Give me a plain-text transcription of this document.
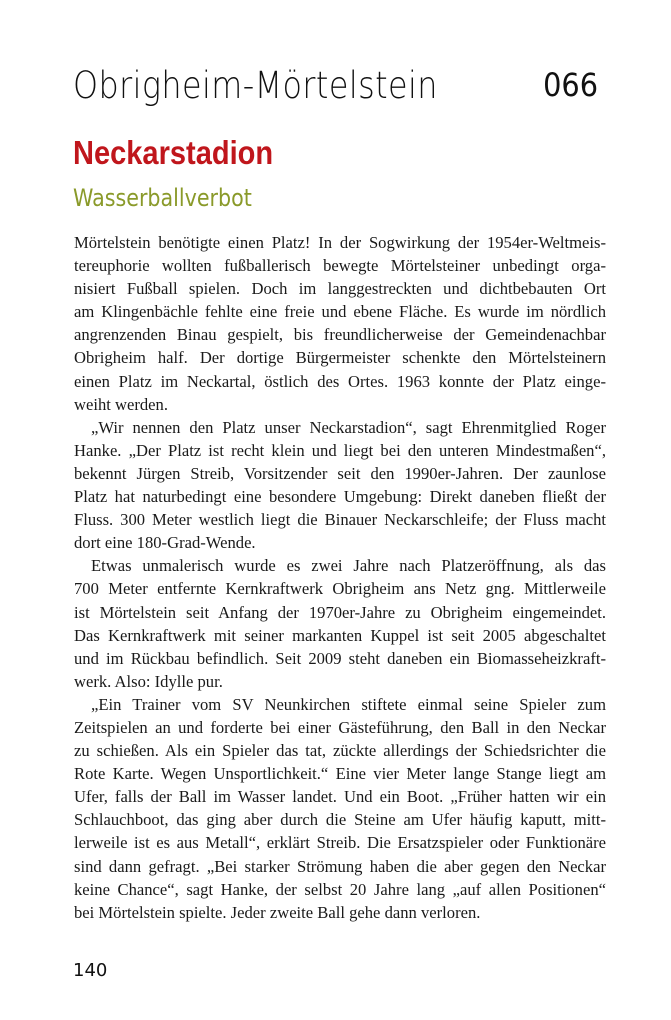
Obrigheim-Mörtelstein	066
Neckarstadion
Wasserballverbot
Mörtelstein benötigte einen Platz! In der Sogwirkung der 1954er-Weltmeis-
tereuphorie wollten fußballerisch bewegte Mörtelsteiner unbedingt orga-
nisiert Fußball spielen. Doch im langgestreckten und dichtbebauten Ort
am Klingenbächle fehlte eine freie und ebene Fläche. Es wurde im nördlich
angrenzenden Binau gespielt, bis freundlicherweise der Gemeindenachbar
Obrigheim half. Der dortige Bürgermeister schenkte den Mörtelsteinern
einen Platz im Neckartal, östlich des Ortes. 1963 konnte der Platz einge-
weiht werden.
„Wir nennen den Platz unser Neckarstadion“, sagt Ehrenmitglied Roger
Hanke. „Der Platz ist recht klein und liegt bei den unteren Mindestmaßen“,
bekennt Jürgen Streib, Vorsitzender seit den 1990er-Jahren. Der zaunlose
Platz hat naturbedingt eine besondere Umgebung: Direkt daneben fließt der
Fluss. 300 Meter westlich liegt die Binauer Neckarschleife; der Fluss macht
dort eine 180-Grad-Wende.
Etwas unmalerisch wurde es zwei Jahre nach Platzeröffnung, als das
700 Meter entfernte Kernkraftwerk Obrigheim ans Netz gng. Mittlerweile
ist Mörtelstein seit Anfang der 1970er-Jahre zu Obrigheim eingemeindet.
Das Kernkraftwerk mit seiner markanten Kuppel ist seit 2005 abgeschaltet
und im Rückbau befindlich. Seit 2009 steht daneben ein Biomasseheizkraft-
werk. Also: Idylle pur.
„Ein Trainer vom SV Neunkirchen stiftete einmal seine Spieler zum
Zeitspielen an und forderte bei einer Gästeführung, den Ball in den Neckar
zu schießen. Als ein Spieler das tat, zückte allerdings der Schiedsrichter die
Rote Karte. Wegen Unsportlichkeit.“ Eine vier Meter lange Stange liegt am
Ufer, falls der Ball im Wasser landet. Und ein Boot. „Früher hatten wir ein
Schlauchboot, das ging aber durch die Steine am Ufer häufig kaputt, mitt-
lerweile ist es aus Metall“, erklärt Streib. Die Ersatzspieler oder Funktionäre
sind dann gefragt. „Bei starker Strömung haben die aber gegen den Neckar
keine Chance“, sagt Hanke, der selbst 20 Jahre lang „auf allen Positionen“
bei Mörtelstein spielte. Jeder zweite Ball gehe dann verloren.
140
